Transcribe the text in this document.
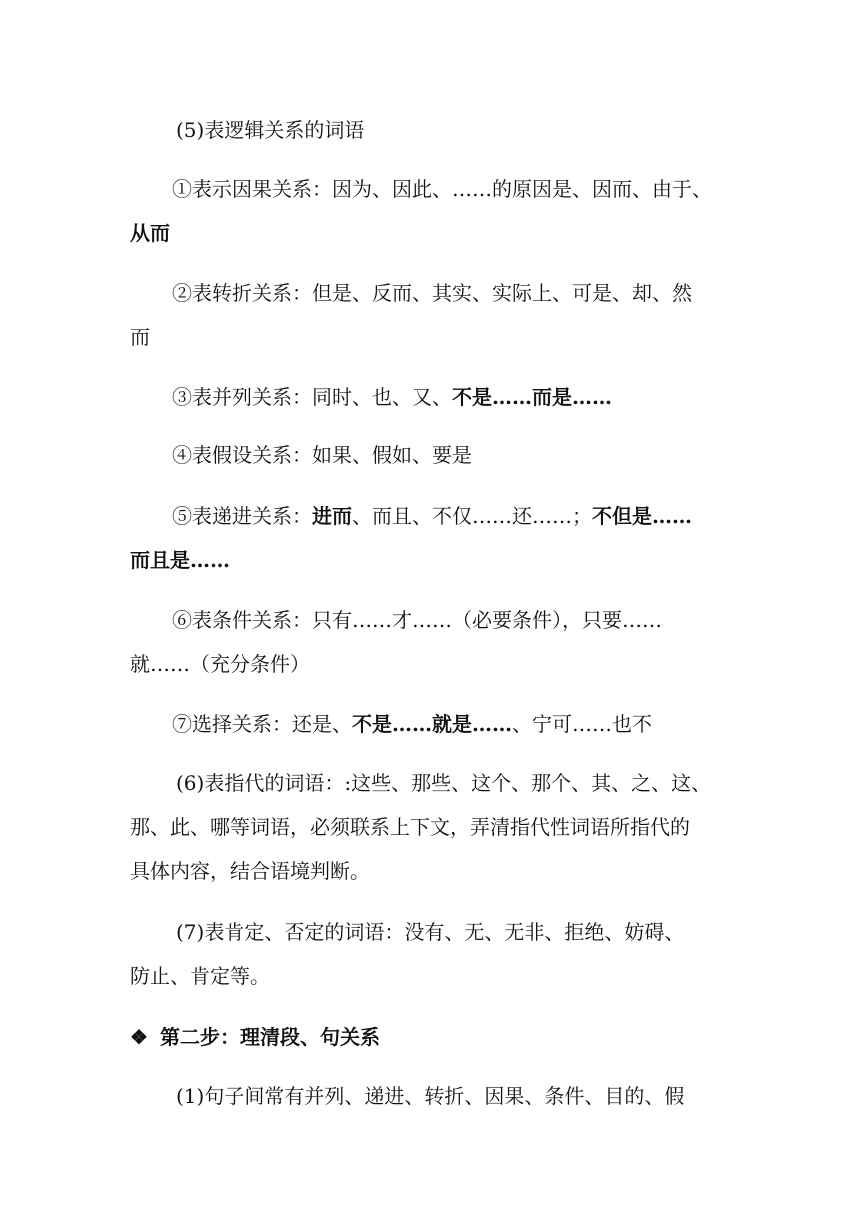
(5)表逻辑关系的词语
①表示因果关系：因为、因此、……的原因是、因而、由于、
从而
②表转折关系：但是、反而、其实、实际上、可是、却、然
而
③表并列关系：同时、也、又、不是……而是……
④表假设关系：如果、假如、要是
⑤表递进关系：进而、而且、不仅……还……；不但是……
而且是……
⑥表条件关系：只有……才……（必要条件），只要……
就……（充分条件）
⑦选择关系：还是、不是……就是……、宁可……也不
(6)表指代的词语：:这些、那些、这个、那个、其、之、这、
那、此、哪等词语，必须联系上下文，弄清指代性词语所指代的
具体内容，结合语境判断。
(7)表肯定、否定的词语：没有、无、无非、拒绝、妨碍、
防止、肯定等。
❖ 第二步：理清段、句关系
(1)句子间常有并列、递进、转折、因果、条件、目的、假
